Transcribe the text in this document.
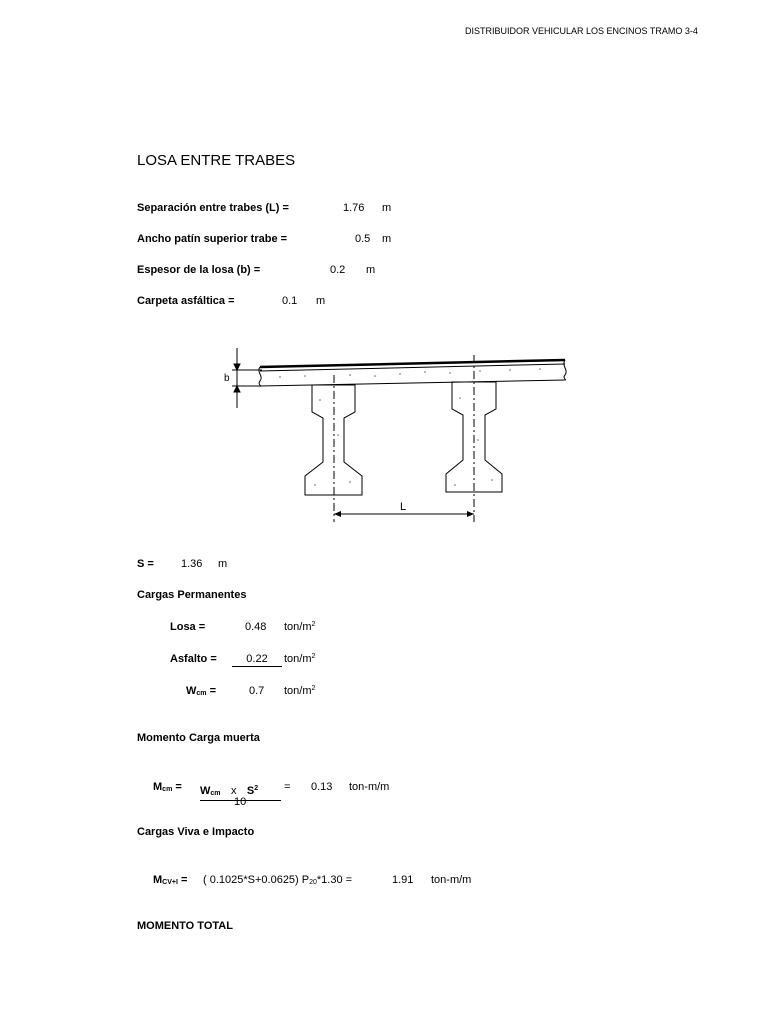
DISTRIBUIDOR VEHICULAR LOS ENCINOS TRAMO 3-4
LOSA ENTRE TRABES
Separación entre trabes (L) =	1.76 m
Ancho patín superior trabe =	0.5 m
Espesor de la losa (b) =	0.2 m
Carpeta asfáltica =	0.1 m
b
L
S = 1.36 m
Cargas Permanentes
Losa =	0.48 ton/$m^2$
Asfalto =	0.22	ton/$m^2$
Wcm =	0.7 ton/$m^2$
Momento Carga muerta
Mcm = Wcm x $S^2$
10
= 0.13 ton-m/m
Cargas Viva e Impacto
MCV+I = ( 0.1025*S+0.0625) P20*1.30 =	1.91 ton-m/m
MOMENTO TOTAL
